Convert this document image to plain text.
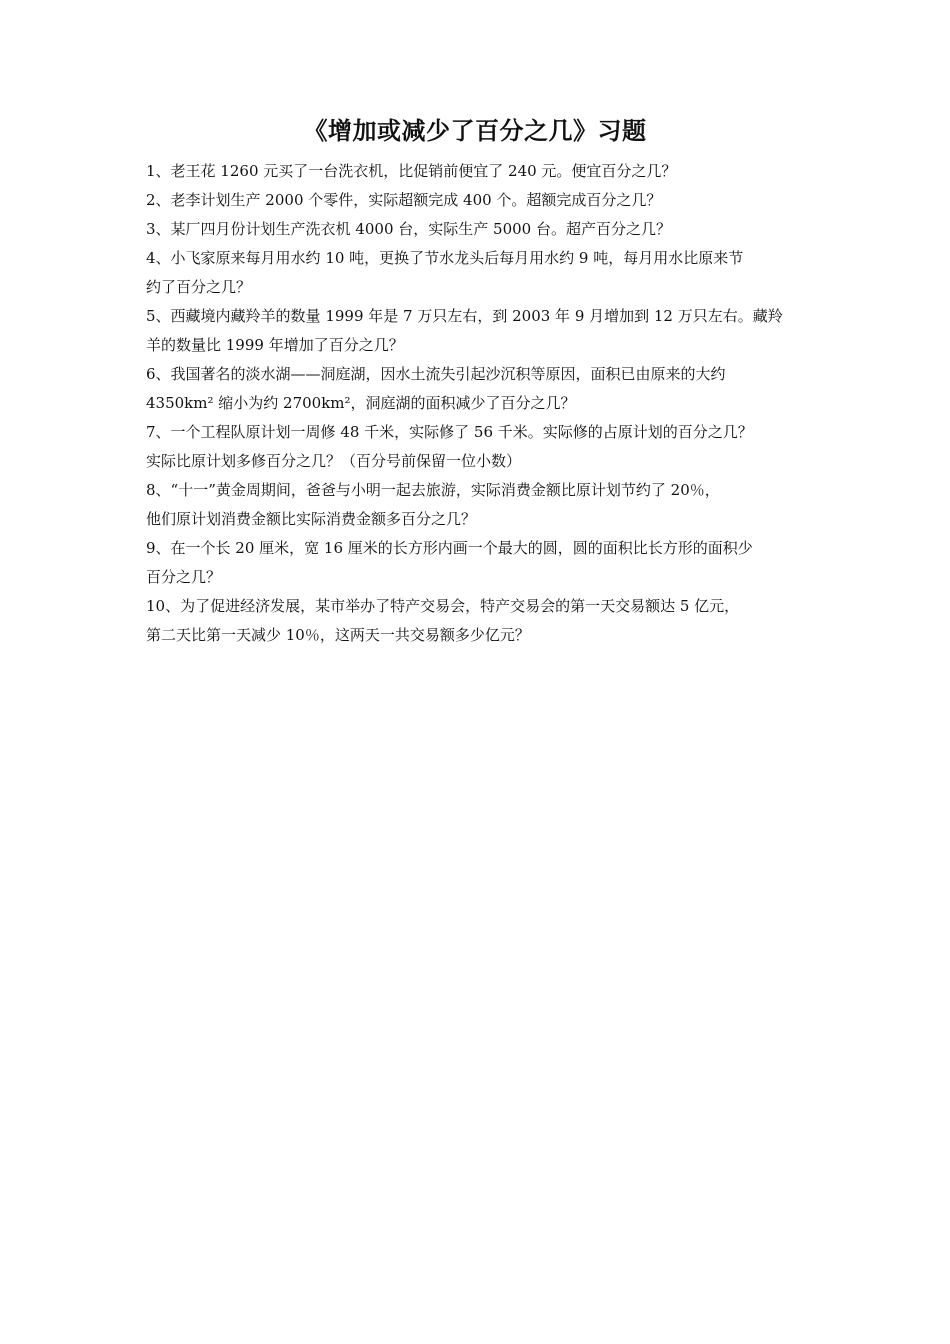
《增加或减少了百分之几》习题
1、老王花 1260 元买了一台洗衣机，比促销前便宜了 240 元。便宜百分之几？
2、老李计划生产 2000 个零件，实际超额完成 400 个。超额完成百分之几？
3、某厂四月份计划生产洗衣机 4000 台，实际生产 5000 台。超产百分之几？
4、小飞家原来每月用水约 10 吨，更换了节水龙头后每月用水约 9 吨，每月用水比原来节
约了百分之几？
5、西藏境内藏羚羊的数量 1999 年是 7 万只左右，到 2003 年 9 月增加到 12 万只左右。藏羚
羊的数量比 1999 年增加了百分之几？
6、我国著名的淡水湖——洞庭湖，因水土流失引起沙沉积等原因，面积已由原来的大约
4350km² 缩小为约 2700km²，洞庭湖的面积减少了百分之几？
7、一个工程队原计划一周修 48 千米，实际修了 56 千米。实际修的占原计划的百分之几？
实际比原计划多修百分之几？（百分号前保留一位小数）
8、“十一”黄金周期间，爸爸与小明一起去旅游，实际消费金额比原计划节约了 20％，
他们原计划消费金额比实际消费金额多百分之几？
9、在一个长 20 厘米，宽 16 厘米的长方形内画一个最大的圆，圆的面积比长方形的面积少
百分之几？
10、为了促进经济发展，某市举办了特产交易会，特产交易会的第一天交易额达 5 亿元，
第二天比第一天减少 10％，这两天一共交易额多少亿元？
